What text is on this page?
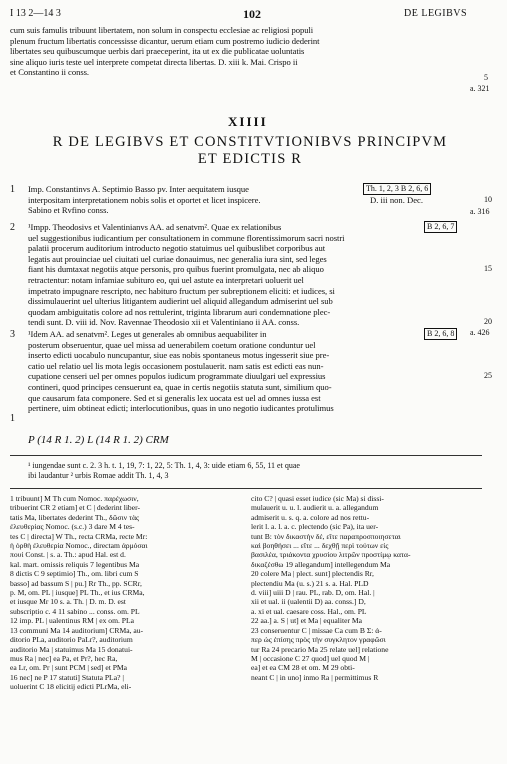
I 13 2—14 3	102	DE LEGIBVS
cum suis famulis tribuunt libertatem, non solum in conspectu ecclesiae ac religiosi populi
plenum fructum libertatis concessisse dicantur, uerum etiam cum postremo iudicio dederint
libertates seu quibuscumque uerbis dari praeceperint, ita ut ex die publicatae uoluntatis
sine aliquo iuris teste uel interprete competat directa libertas. D. xiii k. Mai. Crispo ii
et Constantino ii conss.
5
a. 321
XIIII
R DE LEGIBVS ET CONSTITVTIONIBVS PRINCIPVM
ET EDICTIS R
1 Imp. Constantinvs A. Septimio Basso pv. Inter aequitatem iusque
interpositam interpretationem nobis solis et oportet et licet inspicere.
Sabino et Rvfino conss.
Th. 1, 2, 3 B 2, 6, 6
D. iii non. Dec.	10
a. 316
2 ¹Impp. Theodosivs et Valentinianvs AA. ad senatvm². Quae ex relationibus
uel suggestionibus iudicantium per consultationem in commune florentissimorum sacri nostri
palatii procerum auditorium introducto negotio statuimus uel quibuslibet corporibus aut
legatis aut prouinciae uel ciuitati uel curiae donauimus, nec generalia iura sint, sed leges
fiant his dumtaxat negotiis atque personis, pro quibus fuerint promulgata, nec ab aliquo
retractentur: notam infamiae subituro eo, qui uel astute ea interpretari uoluerit uel
impetrato impugnare rescripto, nec habituro fructum per subreptionem eliciti: et iudices, si
dissimulauerint uel ulterius litigantem audierint uel aliquid allegandum admiserint uel sub
quodam ambiguitatis colore ad nos rettulerint, triginta librarum auri condemnatione plec-
tendi sunt. D. viii id. Nov. Ravennae Theodosio xii et Valentiniano ii AA. conss.
B 2, 6, 7
15
20
a. 426
3 ¹Idem AA. ad senatvm². Leges ut generales ab omnibus aequabiliter in
posterum obseruentur, quae uel missa ad uenerabilem coetum oratione conduntur uel
inserto edicti uocabulo nuncupantur, siue eas nobis spontaneus motus ingesserit siue pre-
catio uel relatio uel lis mota legis occasionem postulauerit. nam satis est edicti eas nun-
cupatione censeri uel per omnes populos iudicum programmate diuulgari uel expressius
contineri, quod principes censuerunt ea, quae in certis negotiis statuta sunt, similium quo-
que causarum fata componere. Sed et si generalis lex uocata est uel ad omnes iussa est
pertinere, uim obtineat edicti; interlocutionibus, quas in uno negotio iudicantes protulimus
B 2, 6, 8
25
1
P (14 R 1. 2) L (14 R 1. 2) CRM
¹ iungendae sunt c. 2. 3 h. t. 1, 19, 7: 1, 22, 5: Th. 1, 4, 3: uide etiam 6, 55, 11 et quae
ibi laudantur ² urbis Romae addit Th. 1, 4, 3
1 tribuunt] M Th cum Nomoc. παρέχωσιν,
tribuerint CR 2 etiam] et C | dederint liber-
tatis Ma, libertates dederint Th., δῶσιν τὰς
ἐλευθερίας Nomoc. (s.c.) 3 dare M 4 tes-
tes C | directa] W Th., recta CRMa, recte Mr:
ἡ ὀρθὴ ἐλευθερία Nomoc., directam ἀρμόσαι
πουί Const. | s. a. Th.: apud Hal. est d.
kal. mart. omissis reliquis 7 legentibus Ma
8 dictis C 9 septimio] Th., om. libri cum S
basso] ad bassum S | pu.] Rr Th., pp. SCRr,
p. M, om. PL | iusque] PL Th., et ius CRMa,
et iusque Mr 10 s. a. Th. | D. m. D. est
subscriptio c. 4 11 sabino ... conss. om. PL
12 imp. PL | ualentinus RM | ex om. PLa
13 communi Ma 14 auditorium] CRMa, au-
ditorio PLa, auditorio PaLr?, auditorium
auditorio Ma | statuimus Ma 15 donatui-
mus Ra | nec] ea Pa, et Pr?, hec Ra,
ea Lr, om. Pr | sunt PCM | sed] et PMa
16 nec] ne P 17 statuti] Statuta PLa? |
uoluerint C 18 elicitij edicti PLrMa, eli-
cito C? | quasi esset iudice (sic Ma) si dissi-
mulauerit u. u. l. audierit u. a. allegandum
admiserit u. s. q. a. colore ad nos rettu-
lerit l. a. l. a. c. plectendo (sic Pa), ita uer-
tunt B: τὸν δικαστὴν δέ, εἴτε παραπροσποιησεται
καὶ βοηθήσει ... εἴτε ... δεχθῇ περὶ τούτων εἰς
βασιλέα, τριάκοντα χρυσίου λιτρῶν προστίμῳ κατα-
δικαζέσθω 19 allegandum] intellegendum Ma
20 colere Ma | plect. sunt] plectendis Rr,
plectendiu Ma (u. s.) 21 s. a. Hal. PLD
d. viii] uiii D | rau. PL, rab. D, om. Hal. |
xii et ual. ii (ualentii D) aa. conss.] D,
a. xi et ual. caesare coss. Hal., om. PL
22 aa.] a. S | ut] et Ma | equaliter Ma
23 conseruentur C | missae Ca cum B Σ: ἀ-
περ ὡς ἐπίσης πρὸς τὴν συγκλητον γραφῶσι
tur Ra 24 precario Ma 25 relate uel] relatione
M | occasione C 27 quod] uel quod M |
ea] et ea CM 28 et om. M 29 obti-
neant C | in uno] inmo Ra | permittimus R
